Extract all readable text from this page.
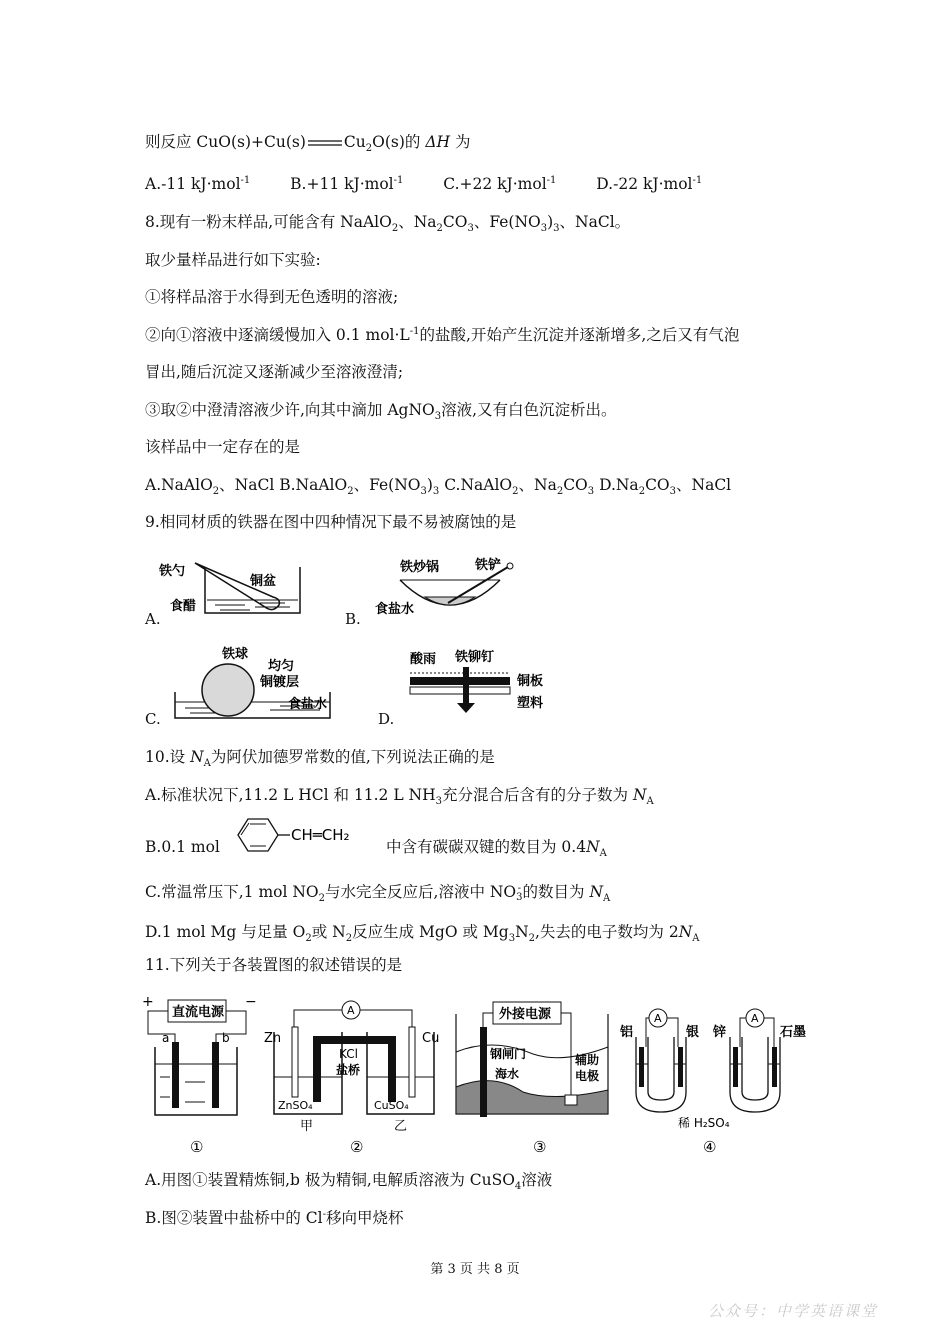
则反应 CuO(s)+Cu(s) $Cu_2O(s)$的 ΔH 为
A.-11 kJ·mol$^{-1}$	B.+11 kJ·mol$^{-1}$	C.+22 kJ·mol$^{-1}$	D.-22 kJ·mol$^{-1}$
8.现有一粉末样品,可能含有 NaAlO$_2$、$Na_2CO_3$、$Fe(NO_3)_3$、NaCl。
取少量样品进行如下实验:
①将样品溶于水得到无色透明的溶液;
②向①溶液中逐滴缓慢加入 0.1 $mol\cdot L^{-1}$的盐酸,开始产生沉淀并逐渐增多,之后又有气泡
冒出,随后沉淀又逐渐减少至溶液澄清;
③取②中澄清溶液少许,向其中滴加 AgNO$_3$溶液,又有白色沉淀析出。
该样品中一定存在的是
A.NaAlO$_2$、NaCl B.NaAlO$_2$、$Fe(NO_3)_3$ C.NaAlO$_2$、$Na_2CO_3$ $D.Na_2CO_3$、NaCl
9.相同材质的铁器在图中四种情况下最不易被腐蚀的是
A.
铁勺
铜盆
食醋
B.
铁炒锅	铁铲
食盐水
C.
铁球
均匀
铜镀层
食盐水
D.
酸雨 铁铆钉
铜板
塑料
10.设 $N_A$为阿伏加德罗常数的值,下列说法正确的是
A.标准状况下,11.2 L HCl 和 11.2 L $NH_3$充分混合后含有的分子数为 $N_A$
B.0.1 mol
CH═CH₂
中含有碳碳双键的数目为 $0.4N_A$
C.常温常压下,1 mol $NO_2$与水完全反应后,溶液中 NO-
3的数目为 $N_A$
D.1 mol Mg 与足量 $O_2$或 $N_2$反应生成 MgO 或 $Mg_3N_2$,失去的电子数均为 $2N_A$
11.下列关于各装置图的叙述错误的是
直流电源
+	−
a	b
①
A
Zn	Cu
KCl
盐桥
ZnSO₄	CuSO₄
甲	乙
②
外接电源
钢闸门
海水
辅助
电极
③
A	A
铝	银 锌	石墨
稀 H₂SO₄
④
A.用图①装置精炼铜,b 极为精铜,电解质溶液为 CuSO$_4$溶液
B.图②装置中盐桥中的 Cl-移向甲烧杯
第 3 页 共 8 页
公众号：中学英语课堂
